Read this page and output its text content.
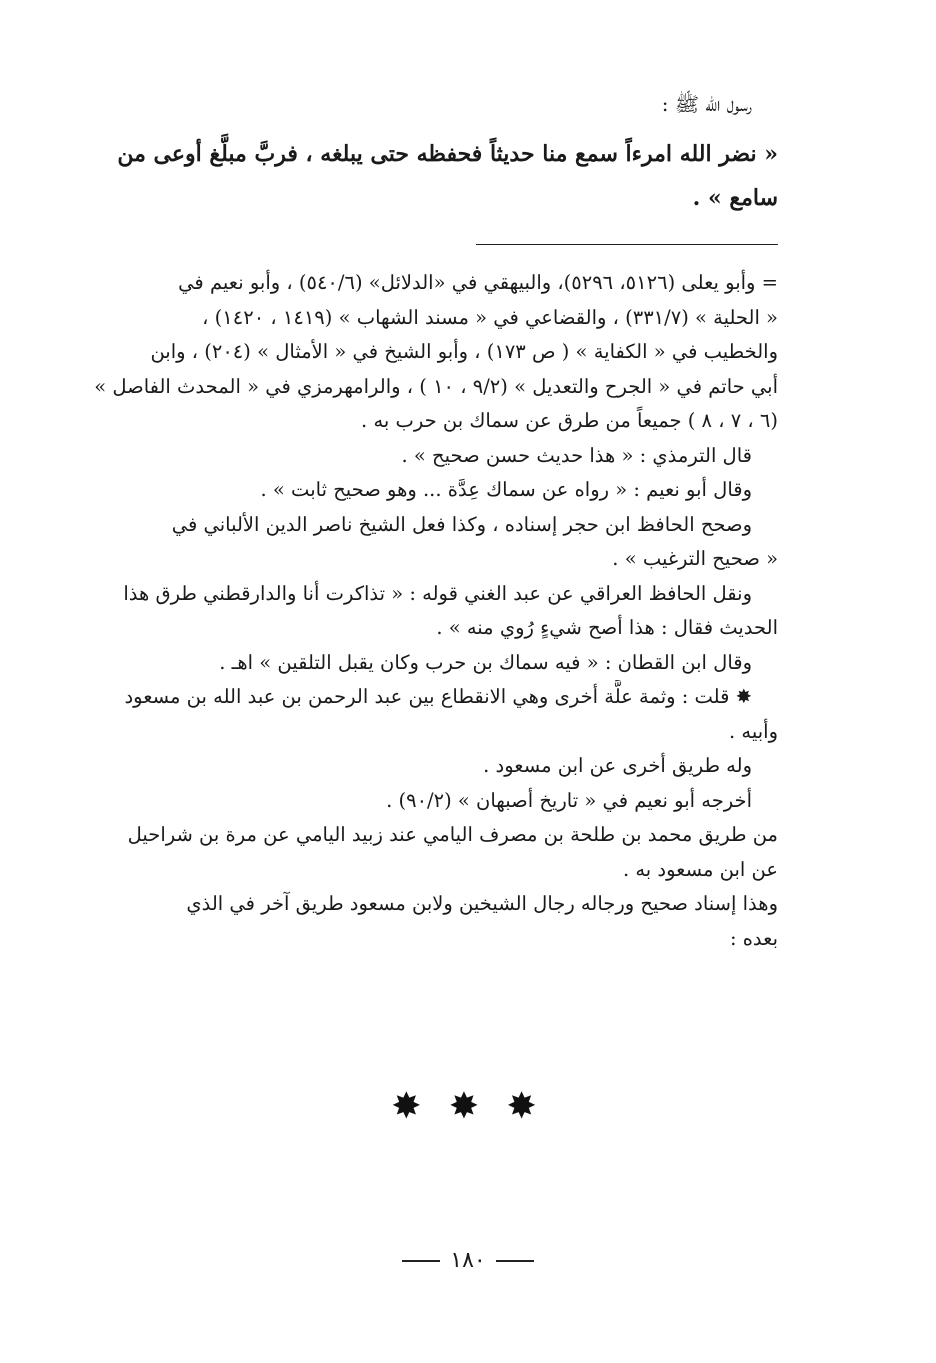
رسول الله ﷺ :
« نضر الله امرءاً سمع منا حديثاً فحفظه حتى يبلغه ، فربَّ مبلَّغ أوعى من
سامع » .
= وأبو يعلى (٥١٢٦، ٥٢٩٦)، والبيهقي في «الدلائل» (٥٤٠/٦) ، وأبو نعيم في
« الحلية » (٣٣١/٧) ، والقضاعي في « مسند الشهاب » (١٤١٩ ، ١٤٢٠) ،
والخطيب في « الكفاية » ( ص ١٧٣) ، وأبو الشيخ في « الأمثال » (٢٠٤) ، وابن
أبي حاتم في « الجرح والتعديل » (٩/٢ ، ١٠ ) ، والرامهرمزي في « المحدث الفاصل »
(٦ ، ٧ ، ٨ ) جميعاً من طرق عن سماك بن حرب به .
قال الترمذي : « هذا حديث حسن صحيح » .
وقال أبو نعيم : « رواه عن سماك عِدَّة ... وهو صحيح ثابت » .
وصحح الحافظ ابن حجر إسناده ، وكذا فعل الشيخ ناصر الدين الألباني في
« صحيح الترغيب » .
ونقل الحافظ العراقي عن عبد الغني قوله : « تذاكرت أنا والدارقطني طرق هذا
الحديث فقال : هذا أصح شيءٍ رُوي منه » .
وقال ابن القطان : « فيه سماك بن حرب وكان يقبل التلقين » اهـ .
✸ قلت : وثمة علَّة أخرى وهي الانقطاع بين عبد الرحمن بن عبد الله بن مسعود
وأبيه .
وله طريق أخرى عن ابن مسعود .
أخرجه أبو نعيم في « تاريخ أصبهان » (٩٠/٢) .
من طريق محمد بن طلحة بن مصرف اليامي عند زبيد اليامي عن مرة بن شراحيل
عن ابن مسعود به .
وهذا إسناد صحيح ورجاله رجال الشيخين ولابن مسعود طريق آخر في الذي
بعده :
✸ ✸ ✸
١٨٠
